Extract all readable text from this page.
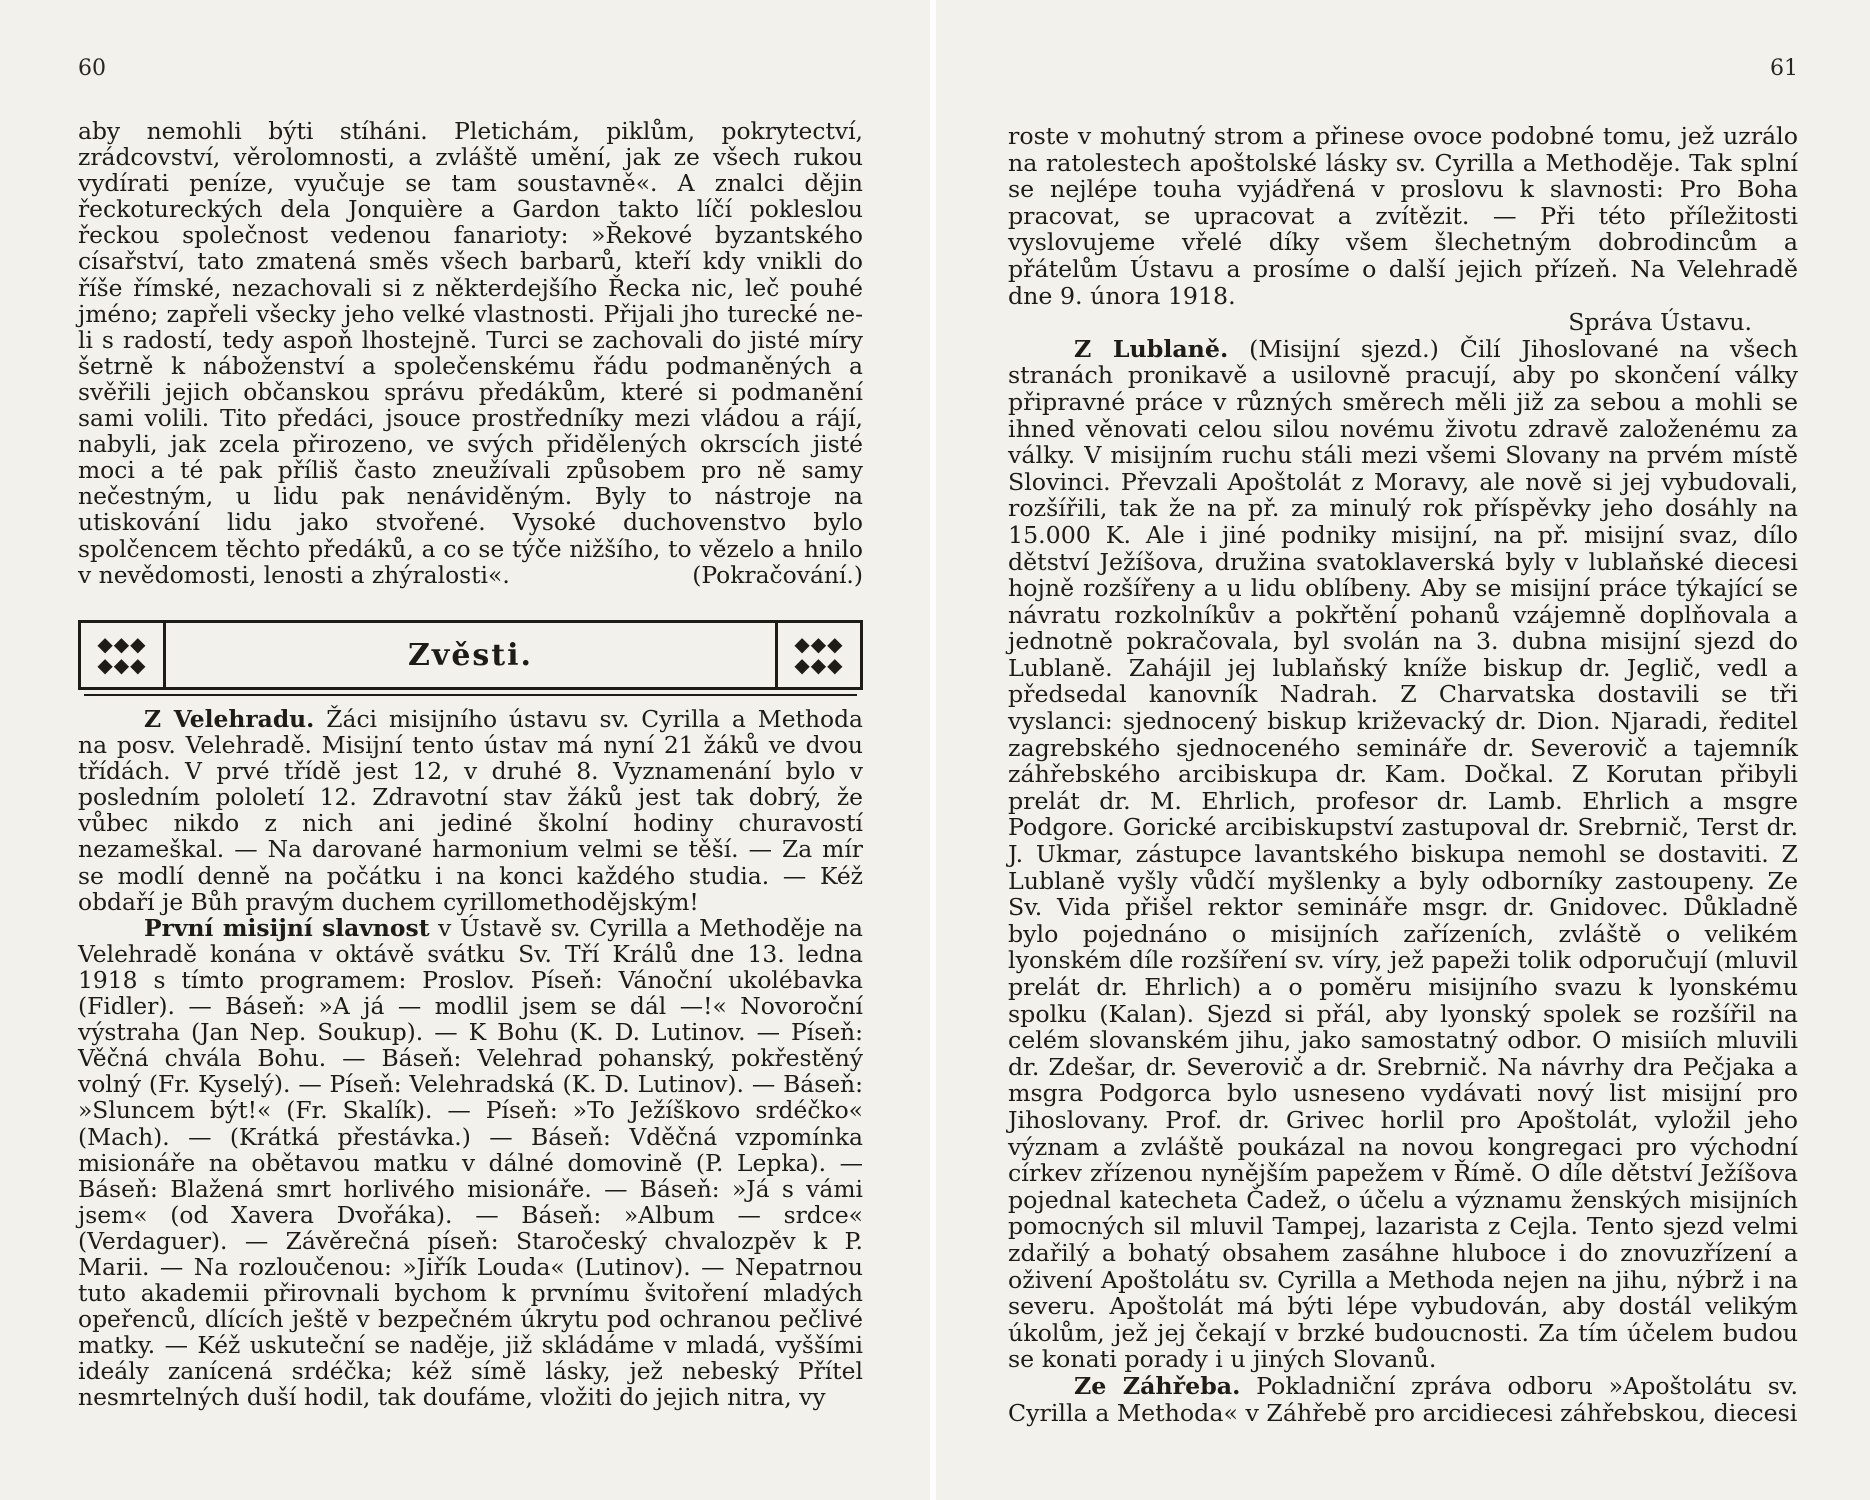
60

aby nemohli býti stíháni. Pletichám, piklům, pokrytectví, zrádcovství, věrolomnosti, a zvláště umění, jak ze všech rukou vydírati peníze, vyučuje se tam soustavně«. A znalci dějin řeckotureckých dela Jonquière a Gardon takto líčí pokleslou řeckou společnost vedenou fanarioty: »Řekové byzantského císařství, tato zmatená směs všech barbarů, kteří kdy vnikli do říše římské, nezachovali si z některdejšího Řecka nic, leč pouhé jméno; zapřeli všecky jeho velké vlastnosti. Přijali jho turecké ne-li s radostí, tedy aspoň lhostejně. Turci se zachovali do jisté míry šetrně k náboženství a společenskému řádu podmaněných a svěřili jejich občanskou správu předákům, které si podmanění sami volili. Tito předáci, jsouce prostředníky mezi vládou a rájí, nabyli, jak zcela přirozeno, ve svých přidělených okrscích jisté moci a té pak příliš často zneužívali způsobem pro ně samy nečestným, u lidu pak nenáviděným. Byly to nástroje na utiskování lidu jako stvořené. Vysoké duchovenstvo bylo spolčencem těchto předáků, a co se týče nižšího, to vězelo a hnilo v nevědomosti, lenosti a zhýralosti«.	(Pokračování.)

◆◆◆
◆◆◆	Zvěsti.	◆◆◆
◆◆◆

Z Velehradu. Žáci misijního ústavu sv. Cyrilla a Methoda na posv. Velehradě. Misijní tento ústav má nyní 21 žáků ve dvou třídách. V prvé třídě jest 12, v druhé 8. Vyznamenání bylo v posledním pololetí 12. Zdravotní stav žáků jest tak dobrý, že vůbec nikdo z nich ani jediné školní hodiny churavostí nezameškal. — Na darované harmonium velmi se těší. — Za mír se modlí denně na počátku i na konci každého studia. — Kéž obdaří je Bůh pravým duchem cyrillomethodějským!

První misijní slavnost v Ústavě sv. Cyrilla a Methoděje na Velehradě konána v oktávě svátku Sv. Tří Králů dne 13. ledna 1918 s tímto programem: Proslov. Píseň: Vánoční ukolébavka (Fidler). — Báseň: »A já — modlil jsem se dál —!« Novoroční výstraha (Jan Nep. Soukup). — K Bohu (K. D. Lutinov. — Píseň: Věčná chvála Bohu. — Báseň: Velehrad pohanský, pokřestěný volný (Fr. Kyselý). — Píseň: Velehradská (K. D. Lutinov). — Báseň: »Sluncem být!« (Fr. Skalík). — Píseň: »To Ježíškovo srdéčko« (Mach). — (Krátká přestávka.) — Báseň: Vděčná vzpomínka misionáře na obětavou matku v dálné domovině (P. Lepka). — Báseň: Blažená smrt horlivého misionáře. — Báseň: »Já s vámi jsem« (od Xavera Dvořáka). — Báseň: »Album — srdce« (Verdaguer). — Závěrečná píseň: Staročeský chvalozpěv k P. Marii. — Na rozloučenou: »Jiřík Louda« (Lutinov). — Nepatrnou tuto akademii přirovnali bychom k prvnímu švitoření mladých opeřenců, dlících ještě v bezpečném úkrytu pod ochranou pečlivé matky. — Kéž uskuteční se naděje, již skládáme v mladá, vyššími ideály zanícená srdéčka; kéž símě lásky, jež nebeský Přítel nesmrtelných duší hodil, tak doufáme, vložiti do jejich nitra, vy

61

roste v mohutný strom a přinese ovoce podobné tomu, jež uzrálo na ratolestech apoštolské lásky sv. Cyrilla a Methoděje. Tak splní se nejlépe touha vyjádřená v proslovu k slavnosti: Pro Boha pracovat, se upracovat a zvítězit. — Při této příležitosti vyslovujeme vřelé díky všem šlechetným dobrodincům a přátelům Ústavu a prosíme o další jejich přízeň. Na Velehradě dne 9. února 1918.

Správa Ústavu.

Z Lublaně. (Misijní sjezd.) Čilí Jihoslované na všech stranách pronikavě a usilovně pracují, aby po skončení války připravné práce v různých směrech měli již za sebou a mohli se ihned věnovati celou silou novému životu zdravě založenému za války. V misijním ruchu stáli mezi všemi Slovany na prvém místě Slovinci. Převzali Apoštolát z Moravy, ale nově si jej vybudovali, rozšířili, tak že na př. za minulý rok příspěvky jeho dosáhly na 15.000 K. Ale i jiné podniky misijní, na př. misijní svaz, dílo dětství Ježíšova, družina svatoklaverská byly v lublaňské diecesi hojně rozšířeny a u lidu oblíbeny. Aby se misijní práce týkající se návratu rozkolníkův a pokřtění pohanů vzájemně doplňovala a jednotně pokračovala, byl svolán na 3. dubna misijní sjezd do Lublaně. Zahájil jej lublaňský kníže biskup dr. Jeglič, vedl a předsedal kanovník Nadrah. Z Charvatska dostavili se tři vyslanci: sjednocený biskup križevacký dr. Dion. Njaradi, ředitel zagrebského sjednoceného semináře dr. Severovič a tajemník záhřebského arcibiskupa dr. Kam. Dočkal. Z Korutan přibyli prelát dr. M. Ehrlich, profesor dr. Lamb. Ehrlich a msgre Podgore. Gorické arcibiskupství zastupoval dr. Srebrnič, Terst dr. J. Ukmar, zástupce lavantského biskupa nemohl se dostaviti. Z Lublaně vyšly vůdčí myšlenky a byly odborníky zastoupeny. Ze Sv. Vida přišel rektor semináře msgr. dr. Gnidovec. Důkladně bylo pojednáno o misijních zařízeních, zvláště o velikém lyonském díle rozšíření sv. víry, jež papeži tolik odporučují (mluvil prelát dr. Ehrlich) a o poměru misijního svazu k lyonskému spolku (Kalan). Sjezd si přál, aby lyonský spolek se rozšířil na celém slovanském jihu, jako samostatný odbor. O misiích mluvili dr. Zdešar, dr. Severovič a dr. Srebrnič. Na návrhy dra Pečjaka a msgra Podgorca bylo usneseno vydávati nový list misijní pro Jihoslovany. Prof. dr. Grivec horlil pro Apoštolát, vyložil jeho význam a zvláště poukázal na novou kongregaci pro východní církev zřízenou nynějším papežem v Římě. O díle dětství Ježíšova pojednal katecheta Čadež, o účelu a významu ženských misijních pomocných sil mluvil Tampej, lazarista z Cejla. Tento sjezd velmi zdařilý a bohatý obsahem zasáhne hluboce i do znovuzřízení a oživení Apoštolátu sv. Cyrilla a Methoda nejen na jihu, nýbrž i na severu. Apoštolát má býti lépe vybudován, aby dostál velikým úkolům, jež jej čekají v brzké budoucnosti. Za tím účelem budou se konati porady i u jiných Slovanů.

Ze Záhřeba. Pokladniční zpráva odboru »Apoštolátu sv. Cyrilla a Methoda« v Záhřebě pro arcidiecesi záhřebskou, diecesi
